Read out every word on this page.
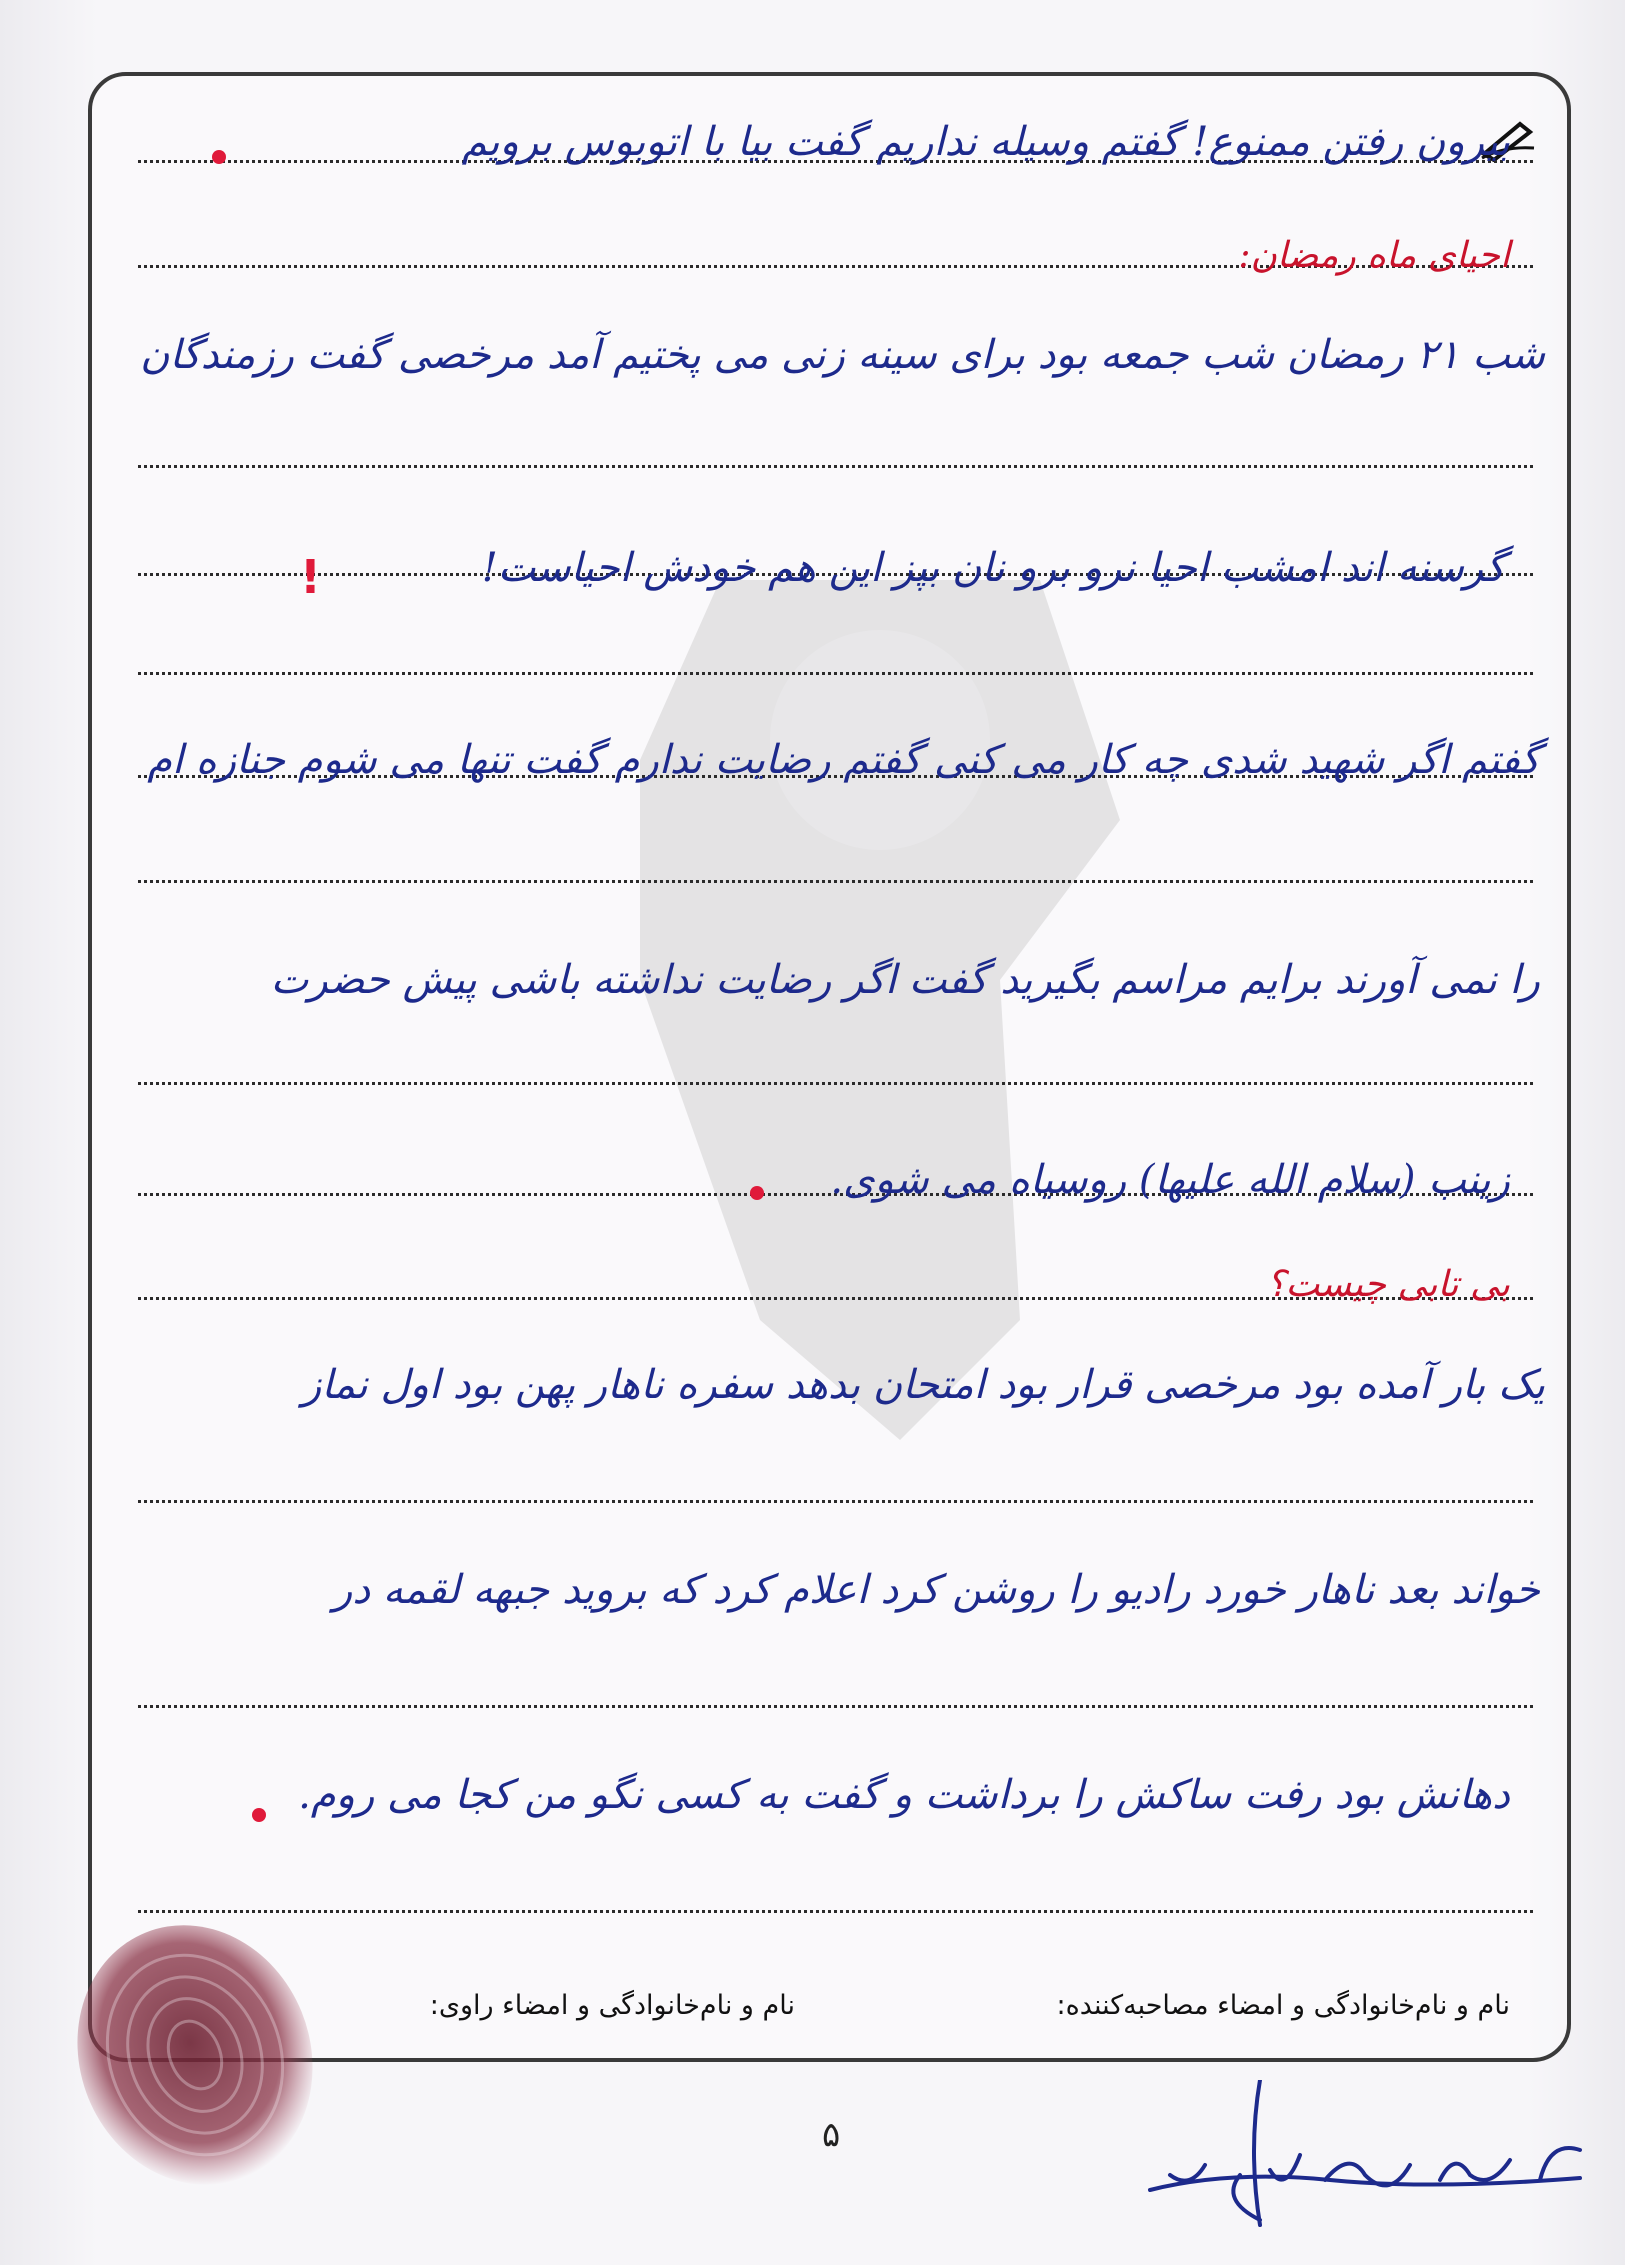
بیرون رفتن ممنوع! گفتم وسیله نداریم گفت بیا با اتوبوس برویم
احیای ماه رمضان:
شب ۲۱ رمضان شب جمعه بود برای سینه زنی می پختیم آمد مرخصی گفت رزمندگان
گرسنه اند امشب احیا نرو برو نان بپز این هم خودش احیاست!
!
گفتم اگر شهید شدی چه کار می کنی گفتم رضایت ندارم گفت تنها می شوم جنازه ام
را نمی آورند برایم مراسم بگیرید گفت اگر رضایت نداشته باشی پیش حضرت
زینب (سلام الله علیها) روسیاه می شوی.
بی تابی چیست؟
یک بار آمده بود مرخصی قرار بود امتحان بدهد سفره ناهار پهن بود اول نماز
خواند بعد ناهار خورد رادیو را روشن کرد اعلام کرد که بروید جبهه لقمه در
دهانش بود رفت ساکش را برداشت و گفت به کسی نگو من کجا می روم.
نام و نام‌خانوادگی و امضاء مصاحبه‌کننده:
نام و نام‌خانوادگی و امضاء راوی:
۵
